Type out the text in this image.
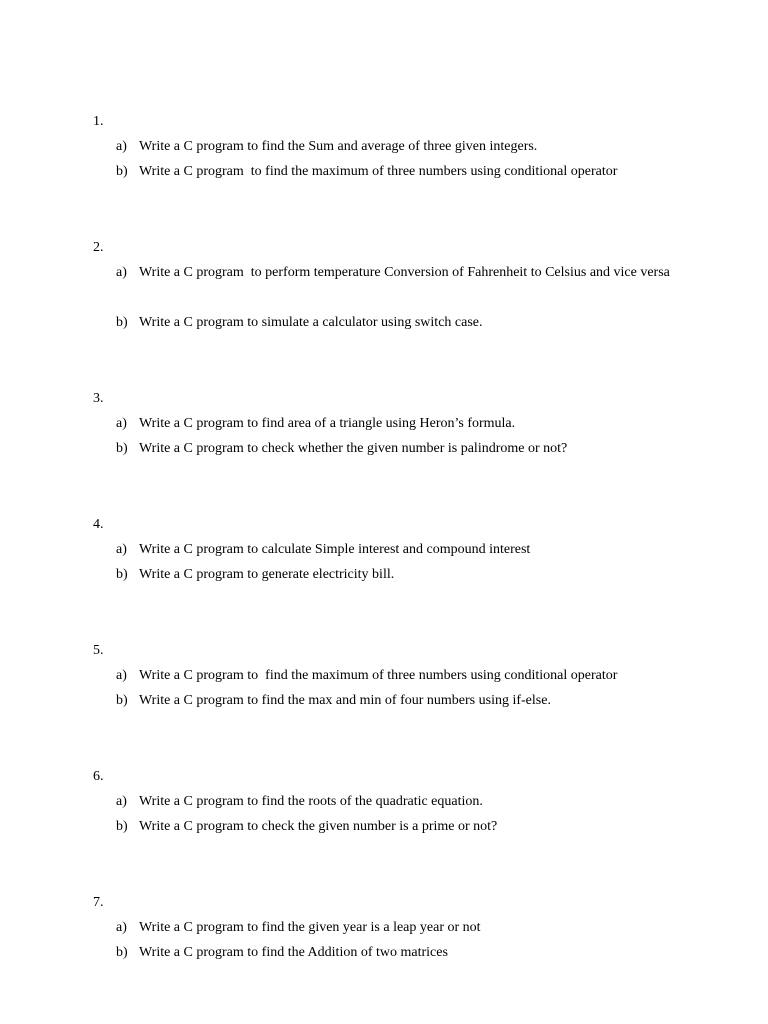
1.
a) Write a C program to find the Sum and average of three given integers.
b) Write a C program  to find the maximum of three numbers using conditional operator
2.
a) Write a C program  to perform temperature Conversion of Fahrenheit to Celsius and vice versa
b) Write a C program to simulate a calculator using switch case.
3.
a) Write a C program to find area of a triangle using Heron’s formula.
b) Write a C program to check whether the given number is palindrome or not?
4.
a) Write a C program to calculate Simple interest and compound interest
b) Write a C program to generate electricity bill.
5.
a) Write a C program to  find the maximum of three numbers using conditional operator
b) Write a C program to find the max and min of four numbers using if-else.
6.
a) Write a C program to find the roots of the quadratic equation.
b) Write a C program to check the given number is a prime or not?
7.
a) Write a C program to find the given year is a leap year or not
b) Write a C program to find the Addition of two matrices
